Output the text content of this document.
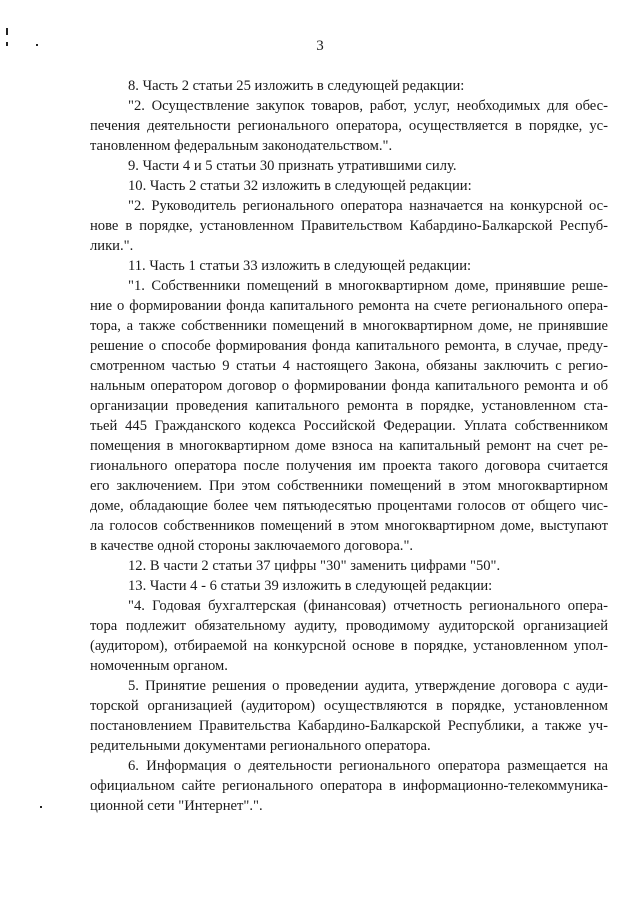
3
8. Часть 2 статьи 25 изложить в следующей редакции:
"2. Осуществление закупок товаров, работ, услуг, необходимых для обес-
печения деятельности регионального оператора, осуществляется в порядке, ус-
тановленном федеральным законодательством.".
9. Части 4 и 5 статьи 30 признать утратившими силу.
10. Часть 2 статьи 32 изложить в следующей редакции:
"2. Руководитель регионального оператора назначается на конкурсной ос-
нове в порядке, установленном Правительством Кабардино-Балкарской Респуб-
лики.".
11. Часть 1 статьи 33 изложить в следующей редакции:
"1. Собственники помещений в многоквартирном доме, принявшие реше-
ние о формировании фонда капитального ремонта на счете регионального опера-
тора, а также собственники помещений в многоквартирном доме, не принявшие
решение о способе формирования фонда капитального ремонта, в случае, преду-
смотренном частью 9 статьи 4 настоящего Закона, обязаны заключить с регио-
нальным оператором договор о формировании фонда капитального ремонта и об
организации проведения капитального ремонта в порядке, установленном ста-
тьей 445 Гражданского кодекса Российской Федерации. Уплата собственником
помещения в многоквартирном доме взноса на капитальный ремонт на счет ре-
гионального оператора после получения им проекта такого договора считается
его заключением. При этом собственники помещений в этом многоквартирном
доме, обладающие более чем пятьюдесятью процентами голосов от общего чис-
ла голосов собственников помещений в этом многоквартирном доме, выступают
в качестве одной стороны заключаемого договора.".
12. В части 2 статьи 37 цифры "30" заменить цифрами "50".
13. Части 4 - 6 статьи 39 изложить в следующей редакции:
"4. Годовая бухгалтерская (финансовая) отчетность регионального опера-
тора подлежит обязательному аудиту, проводимому аудиторской организацией
(аудитором), отбираемой на конкурсной основе в порядке, установленном упол-
номоченным органом.
5. Принятие решения о проведении аудита, утверждение договора с ауди-
торской организацией (аудитором) осуществляются в порядке, установленном
постановлением Правительства Кабардино-Балкарской Республики, а также уч-
редительными документами регионального оператора.
6. Информация о деятельности регионального оператора размещается на
официальном сайте регионального оператора в информационно-телекоммуника-
ционной сети "Интернет".".
